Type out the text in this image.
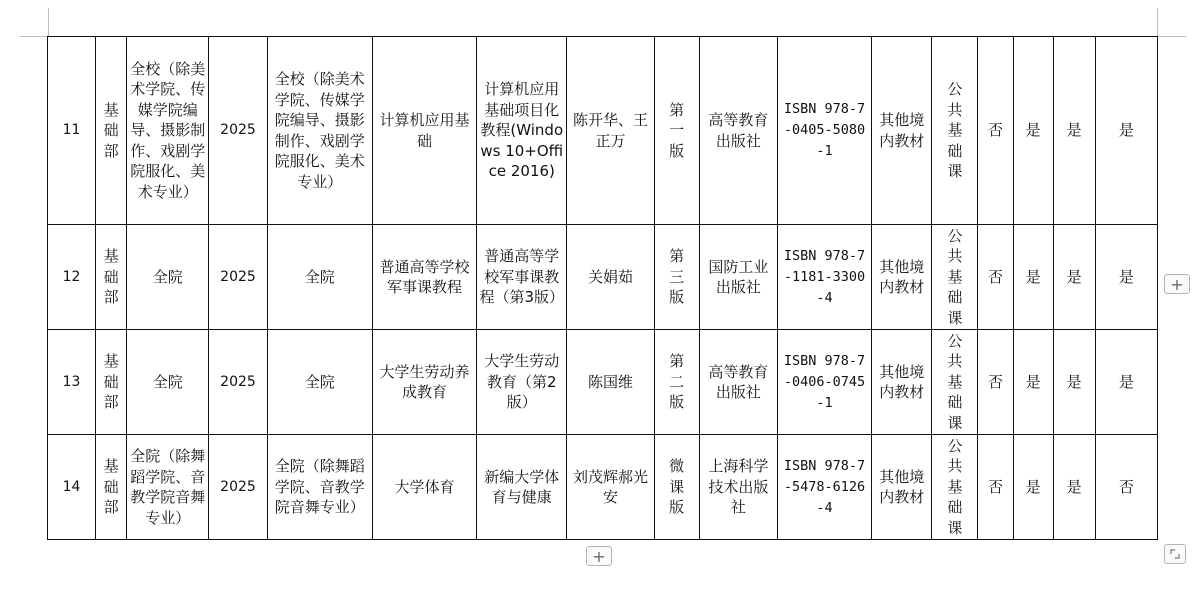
11	基础部	全校（除美术学院、传媒学院编导、摄影制作、戏剧学院服化、美术专业）	2025	全校（除美术学院、传媒学院编导、摄影制作、戏剧学院服化、美术专业）	计算机应用基础	计算机应用基础项目化教程(Windows 10+Office 2016)	陈开华、王正万	第一版	高等教育出版社	ISBN 978-7-0405-5080-1	其他境内教材	公共基础课	否	是	是	是
12	基础部	全院	2025	全院	普通高等学校军事课教程	普通高等学校军事课教程（第3版）	关娟茹	第三版	国防工业出版社	ISBN 978-7-1181-3300-4	其他境内教材	公共基础课	否	是	是	是
13	基础部	全院	2025	全院	大学生劳动养成教育	大学生劳动教育（第2版）	陈国维	第二版	高等教育出版社	ISBN 978-7-0406-0745-1	其他境内教材	公共基础课	否	是	是	是
14	基础部	全院（除舞蹈学院、音教学院音舞专业）	2025	全院（除舞蹈学院、音教学院音舞专业）	大学体育	新编大学体育与健康	刘茂辉郝光安	微课版	上海科学技术出版社	ISBN 978-7-5478-6126-4	其他境内教材	公共基础课	否	是	是	否
+
+
